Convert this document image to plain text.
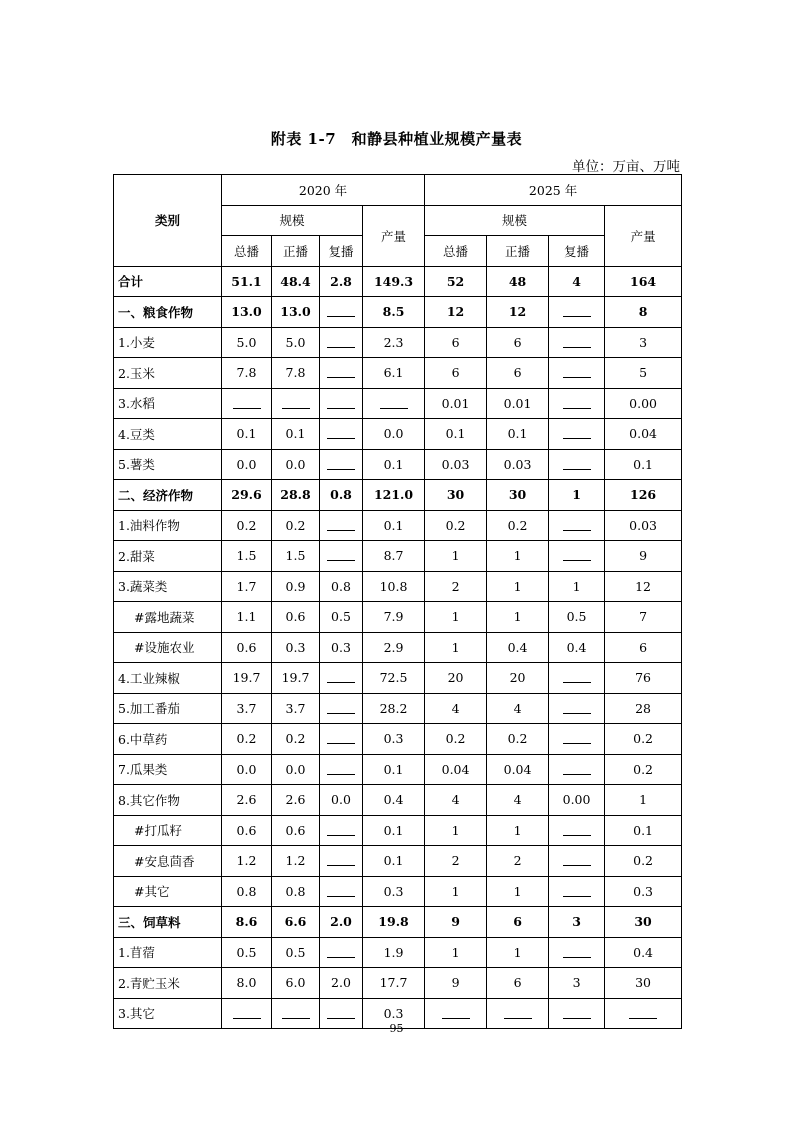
附表 1-7　和静县种植业规模产量表
单位：万亩、万吨
类别	2020 年				2025 年			
	规模			产量	规模			产量
	总播	正播	复播		总播	正播	复播	
合计	51.1	48.4	2.8	149.3	52	48	4	164
一、粮食作物	13.0	13.0		8.5	12	12		8
1.小麦	5.0	5.0		2.3	6	6		3
2.玉米	7.8	7.8		6.1	6	6		5
3.水稻					0.01	0.01		0.00
4.豆类	0.1	0.1		0.0	0.1	0.1		0.04
5.薯类	0.0	0.0		0.1	0.03	0.03		0.1
二、经济作物	29.6	28.8	0.8	121.0	30	30	1	126
1.油料作物	0.2	0.2		0.1	0.2	0.2		0.03
2.甜菜	1.5	1.5		8.7	1	1		9
3.蔬菜类	1.7	0.9	0.8	10.8	2	1	1	12
#露地蔬菜	1.1	0.6	0.5	7.9	1	1	0.5	7
#设施农业	0.6	0.3	0.3	2.9	1	0.4	0.4	6
4.工业辣椒	19.7	19.7		72.5	20	20		76
5.加工番茄	3.7	3.7		28.2	4	4		28
6.中草药	0.2	0.2		0.3	0.2	0.2		0.2
7.瓜果类	0.0	0.0		0.1	0.04	0.04		0.2
8.其它作物	2.6	2.6	0.0	0.4	4	4	0.00	1
#打瓜籽	0.6	0.6		0.1	1	1		0.1
#安息茴香	1.2	1.2		0.1	2	2		0.2
#其它	0.8	0.8		0.3	1	1		0.3
三、饲草料	8.6	6.6	2.0	19.8	9	6	3	30
1.苜蓿	0.5	0.5		1.9	1	1		0.4
2.青贮玉米	8.0	6.0	2.0	17.7	9	6	3	30
3.其它				0.3				
95
